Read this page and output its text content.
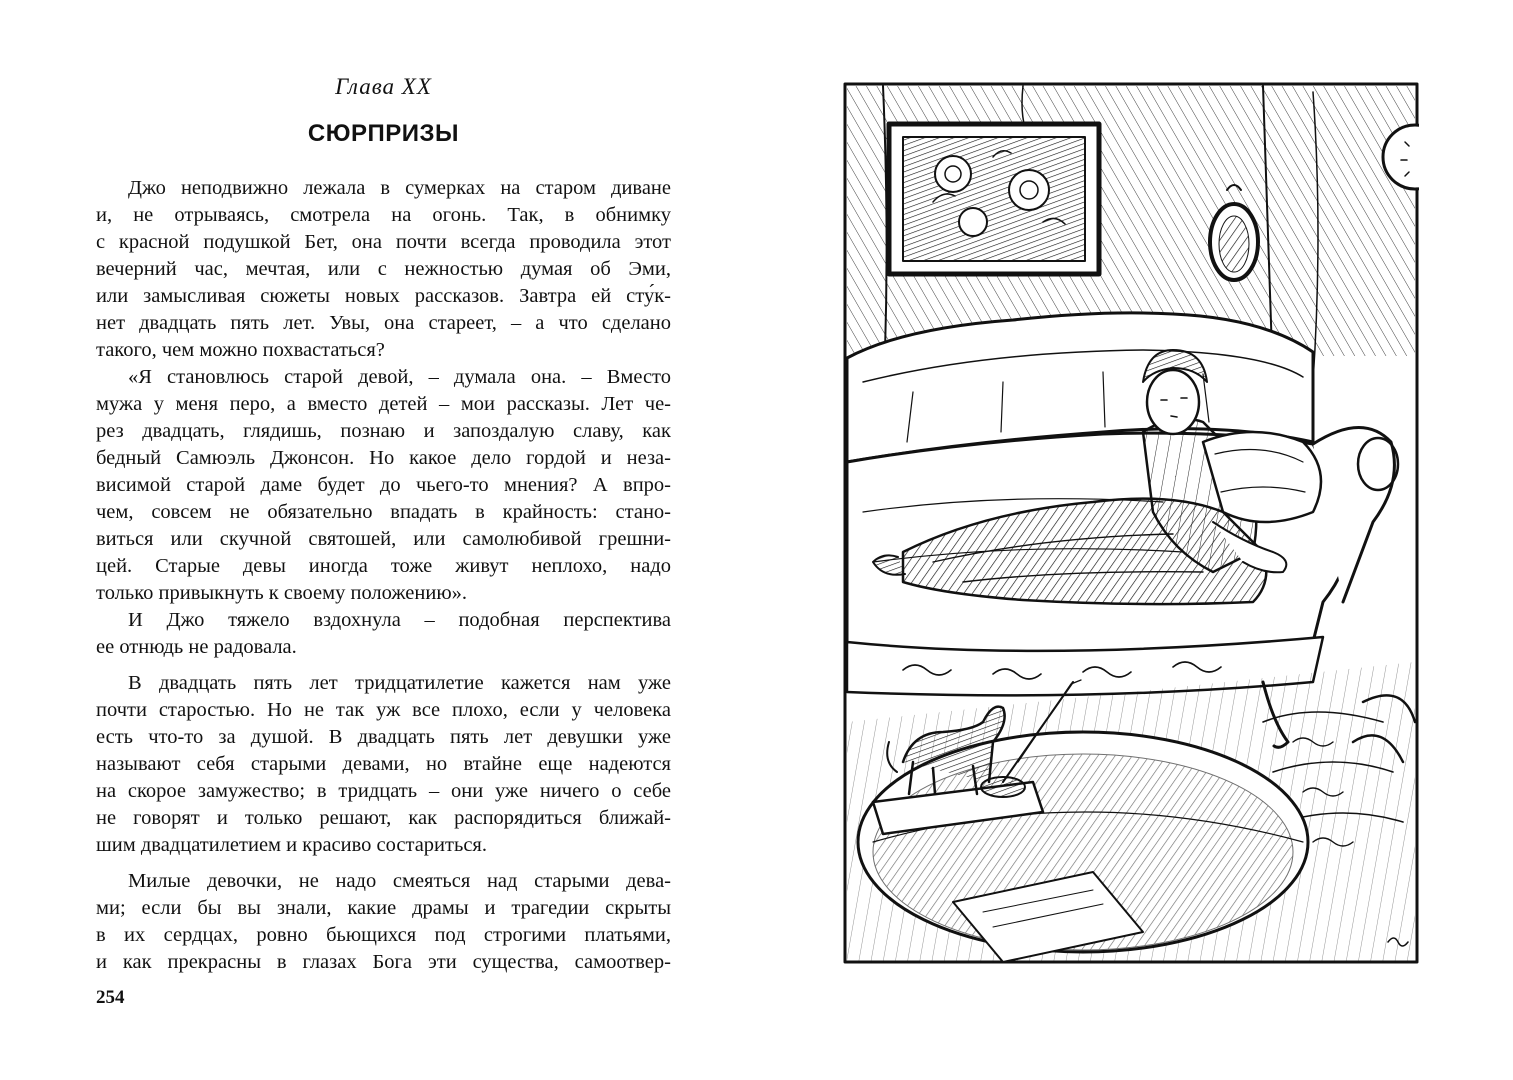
Глава XX
СЮРПРИЗЫ
Джо неподвижно лежала в сумерках на старом диване
и, не отрываясь, смотрела на огонь. Так, в обнимку
с красной подушкой Бет, она почти всегда проводила этот
вечерний час, мечтая, или с нежностью думая об Эми,
или замысливая сюжеты новых рассказов. Завтра ей сту́к-
нет двадцать пять лет. Увы, она стареет, – а что сделано
такого, чем можно похвастаться?
«Я становлюсь старой девой, – думала она. – Вместо
мужа у меня перо, а вместо детей – мои рассказы. Лет че-
рез двадцать, глядишь, познаю и запоздалую славу, как
бедный Самюэль Джонсон. Но какое дело гордой и неза-
висимой старой даме будет до чьего-то мнения? А впро-
чем, совсем не обязательно впадать в крайность: стано-
виться или скучной святошей, или самолюбивой грешни-
цей. Старые девы иногда тоже живут неплохо, надо
только привыкнуть к своему положению».
И Джо тяжело вздохнула – подобная перспектива
ее отнюдь не радовала.
В двадцать пять лет тридцатилетие кажется нам уже
почти старостью. Но не так уж все плохо, если у человека
есть что-то за душой. В двадцать пять лет девушки уже
называют себя старыми девами, но втайне еще надеются
на скорое замужество; в тридцать – они уже ничего о себе
не говорят и только решают, как распорядиться ближай-
шим двадцатилетием и красиво состариться.
Милые девочки, не надо смеяться над старыми дева-
ми; если бы вы знали, какие драмы и трагедии скрыты
в их сердцах, ровно бьющихся под строгими платьями,
и как прекрасны в глазах Бога эти существа, самоотвер-
254
